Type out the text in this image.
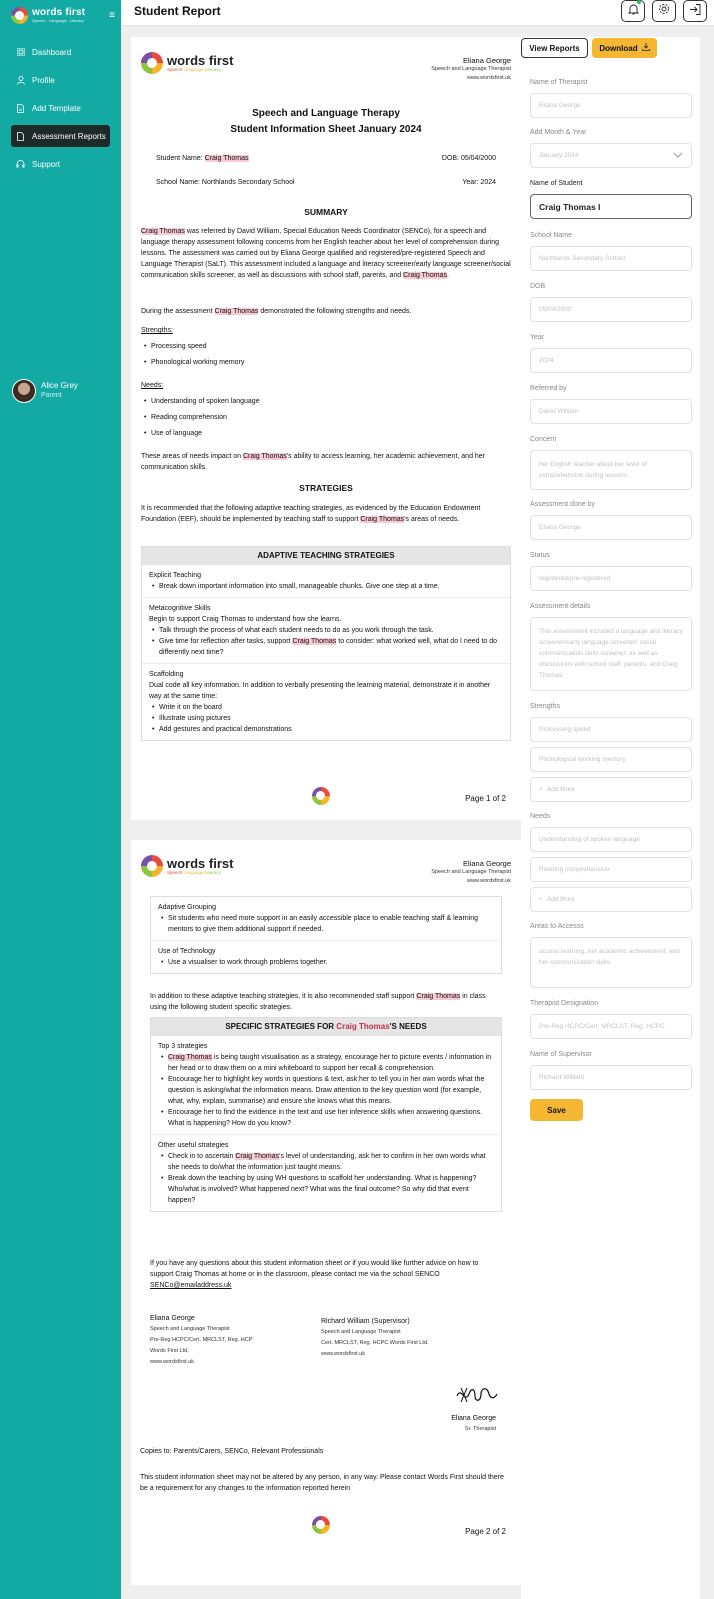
words first
Speech . Language . Literacy	≡
Dashboard
Profile
Add Template
Assessment Reports
Support
Alice Grey
Parent
Student Report
words first
Speech Language Literacy
Eliana George
Speech and Language Therapist
www.wordsfirst.uk
Speech and Language Therapy
Student Information Sheet January 2024
Student Name: Craig Thomas	DOB: 05/04/2000
School Name: Northlands Secondary School	Year: 2024
SUMMARY
Craig Thomas was referred by David William, Special Education Needs Coordinator (SENCo), for a speech and language therapy assessment following concerns from her English teacher about her level of comprehension during lessons. The assessment was carried out by Eliana George qualified and registered/pre-registered Speech and Language Therapist (SaLT). This assessment included a language and literacy screener/early language screener/social communication skills screener, as well as discussions with school staff, parents, and Craig Thomas.
During the assessment Craig Thomas demonstrated the following strengths and needs.
Strengths:
• Processing speed
• Phonological working memory
Needs:
• Understanding of spoken language
• Reading comprehension
• Use of language
These areas of needs impact on Craig Thomas's ability to access learning, her academic achievement, and her communication skills.
STRATEGIES
It is recommended that the following adaptive teaching strategies, as evidenced by the Education Endowment Foundation (EEF), should be implemented by teaching staff to support Craig Thomas's areas of needs.
ADAPTIVE TEACHING STRATEGIES
Explicit Teaching
• Break down important information into small, manageable chunks. Give one step at a time.
Metacognitive Skills
Begin to support Craig Thomas to understand how she learns.
• Talk through the process of what each student needs to do as you work through the task.
• Give time for reflection after tasks, support Craig Thomas to consider: what worked well, what do I need to do differently next time?
Scaffolding
Dual code all key information. In addition to verbally presenting the learning material, demonstrate it in another way at the same time:
• Write it on the board
• Illustrate using pictures
• Add gestures and practical demonstrations
Page 1 of 2
words first
Speech Language Literacy
Eliana George
Speech and Language Therapist
www.wordsfirst.uk
Adaptive Grouping
• Sit students who need more support in an easily accessible place to enable teaching staff & learning mentors to give them additional support if needed.
Use of Technology
• Use a visualiser to work through problems together.
In addition to these adaptive teaching strategies, it is also recommended staff support Craig Thomas in class using the following student specific strategies.
SPECIFIC STRATEGIES FOR Craig Thomas'S NEEDS
Top 3 strategies
• Craig Thomas is being taught visualisation as a strategy, encourage her to picture events / information in her head or to draw them on a mini whiteboard to support her recall & comprehension.
• Encourage her to highlight key words in questions & text, ask her to tell you in her own words what the question is asking/what the information means. Draw attention to the key question word (for example, what, why, explain, summarise) and ensure she knows what this means.
• Encourage her to find the evidence in the text and use her inference skills when answering questions. What is happening? How do you know?
Other useful strategies
• Check in to ascertain Craig Thomas's level of understanding, ask her to confirm in her own words what she needs to do/what the information just taught means.
• Break down the teaching by using WH questions to scaffold her understanding. What is happening? Who/what is involved? What happened next? What was the final outcome? So why did that event happen?
If you have any questions about this student information sheet or if you would like further advice on how to support Craig Thomas at home or in the classroom, please contact me via the school SENCO
SENCo@emailaddress.uk
Eliana George
Speech and Language Therapist
Pre-Reg HCPC/Cert. MRCLST, Reg. HCP
Words First Ltd.
www.wordsfirst.uk
Richard William (Supervisor)
Speech and Language Therapist
Cert. MRCLST, Reg. HCPC Words First Ltd.
www.wordsfirst.uk
Eliana George
Sr. Therapist
Copies to: Parents/Carers, SENCo, Relevant Professionals
This student information sheet may not be altered by any person, in any way. Please contact Words First should there be a requirement for any changes to the information reported herein
Page 2 of 2
View Reports	Download
Name of Therapist
Eliana George
Add Month & Year
January 2024
Name of Student
Craig Thomas I
School Name
Northlands Secondary School
DOB
05/04/2000
Year
2024
Referred by
David William
Concern
her English teacher about her level of comprehension during lessons.
Assessment done by
Eliana George
Status
registered/pre-registered
Assessment details
This assessment included a language and literacy screener/early language screener/ social communication skills screener, as well as discussions with school staff, parents, and Craig Thomas.
Strengths
Processing speed
Phonological working memory
+ Add More
Needs
Understanding of spoken language
Reading comprehension
+ Add More
Areas to Accesss
access learning, her academic achievement, and her communication skills.
Therapist Designation
Pre-Reg HCPC/Cert. MRCLST, Reg. HCPC
Name of Supervisor
Richard William
Save
